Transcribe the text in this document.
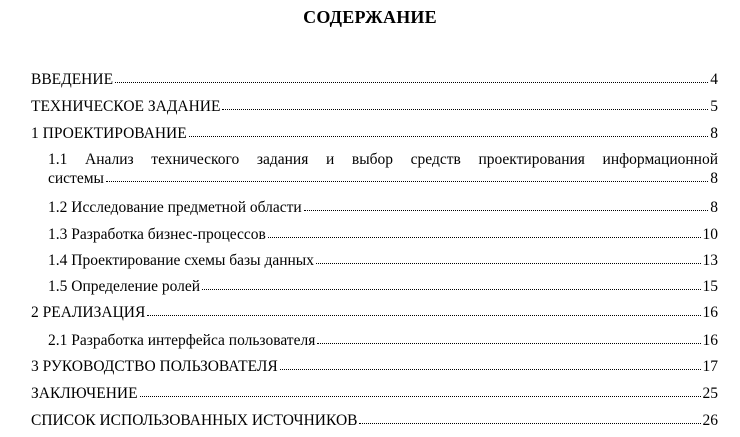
СОДЕРЖАНИЕ
ВВЕДЕНИЕ	4
ТЕХНИЧЕСКОЕ ЗАДАНИЕ	5
1 ПРОЕКТИРОВАНИЕ	8
1.1 Анализ технического задания и выбор средств проектирования информационной
системы	8
1.2 Исследование предметной области	8
1.3 Разработка бизнес-процессов	10
1.4 Проектирование схемы базы данных	13
1.5 Определение ролей	15
2 РЕАЛИЗАЦИЯ	16
2.1 Разработка интерфейса пользователя	16
3 РУКОВОДСТВО ПОЛЬЗОВАТЕЛЯ	17
ЗАКЛЮЧЕНИЕ	25
СПИСОК ИСПОЛЬЗОВАННЫХ ИСТОЧНИКОВ	26
